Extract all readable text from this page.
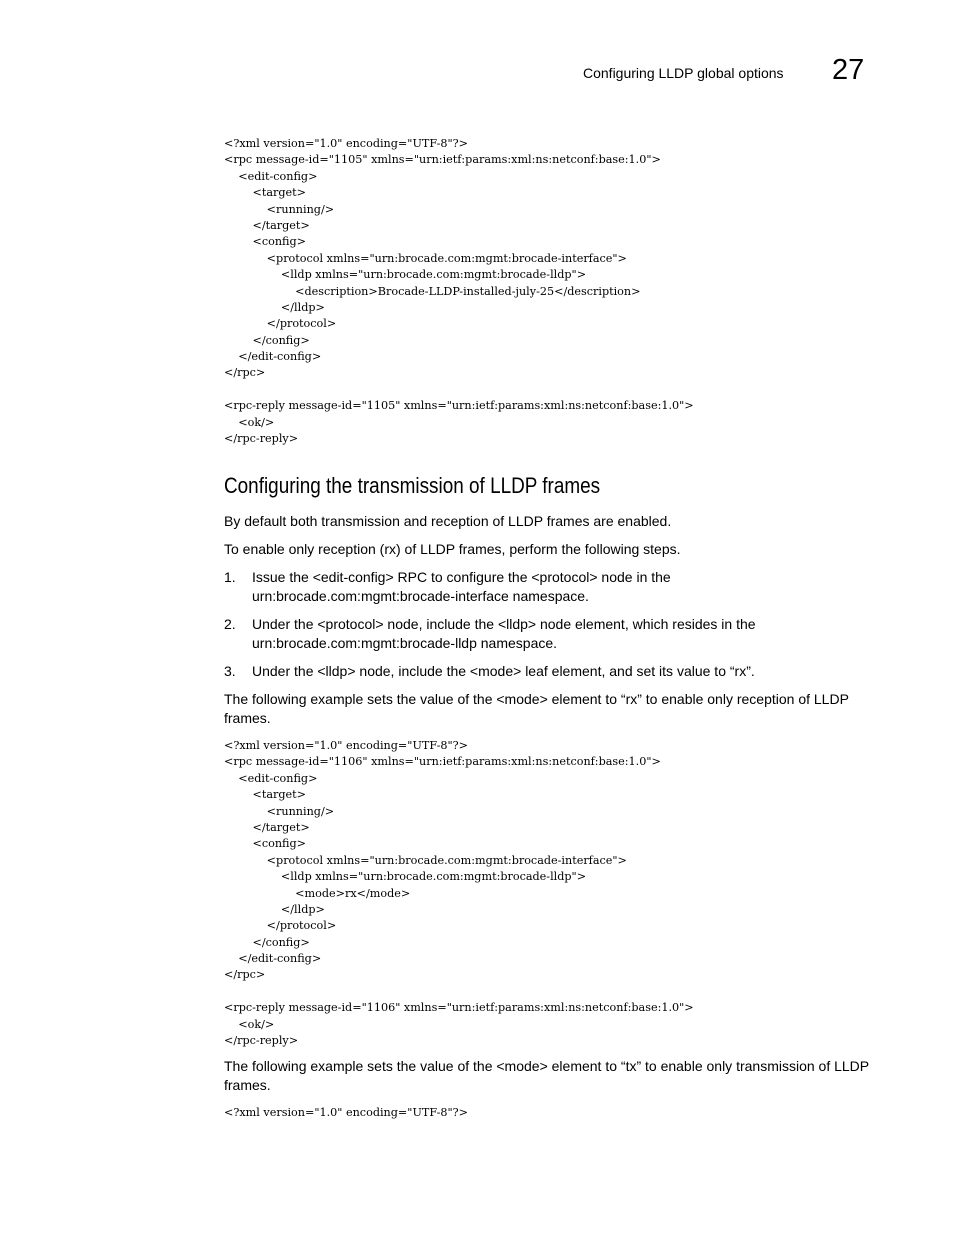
Configuring LLDP global options	27
<?xml version="1.0" encoding="UTF-8"?>
<rpc message-id="1105" xmlns="urn:ietf:params:xml:ns:netconf:base:1.0">
<edit-config>
<target>
<running/>
</target>
<config>
<protocol xmlns="urn:brocade.com:mgmt:brocade-interface">
<lldp xmlns="urn:brocade.com:mgmt:brocade-lldp">
<description>Brocade-LLDP-installed-july-25</description>
</lldp>
</protocol>
</config>
</edit-config>
</rpc>
<rpc-reply message-id="1105" xmlns="urn:ietf:params:xml:ns:netconf:base:1.0">
<ok/>
</rpc-reply>
Configuring the transmission of LLDP frames

By default both transmission and reception of LLDP frames are enabled.

To enable only reception (rx) of LLDP frames, perform the following steps.

1. Issue the <edit-config> RPC to configure the <protocol> node in the urn:brocade.com:mgmt:brocade-interface namespace.
2. Under the <protocol> node, include the <lldp> node element, which resides in the urn:brocade.com:mgmt:brocade-lldp namespace.
3. Under the <lldp> node, include the <mode> leaf element, and set its value to “rx”.

The following example sets the value of the <mode> element to “rx” to enable only reception of LLDP frames.

<?xml version="1.0" encoding="UTF-8"?>
<rpc message-id="1106" xmlns="urn:ietf:params:xml:ns:netconf:base:1.0">
<edit-config>
<target>
<running/>
</target>
<config>
<protocol xmlns="urn:brocade.com:mgmt:brocade-interface">
<lldp xmlns="urn:brocade.com:mgmt:brocade-lldp">
<mode>rx</mode>
</lldp>
</protocol>
</config>
</edit-config>
</rpc>
<rpc-reply message-id="1106" xmlns="urn:ietf:params:xml:ns:netconf:base:1.0">
<ok/>
</rpc-reply>

The following example sets the value of the <mode> element to “tx” to enable only transmission of LLDP frames.

<?xml version="1.0" encoding="UTF-8"?>
